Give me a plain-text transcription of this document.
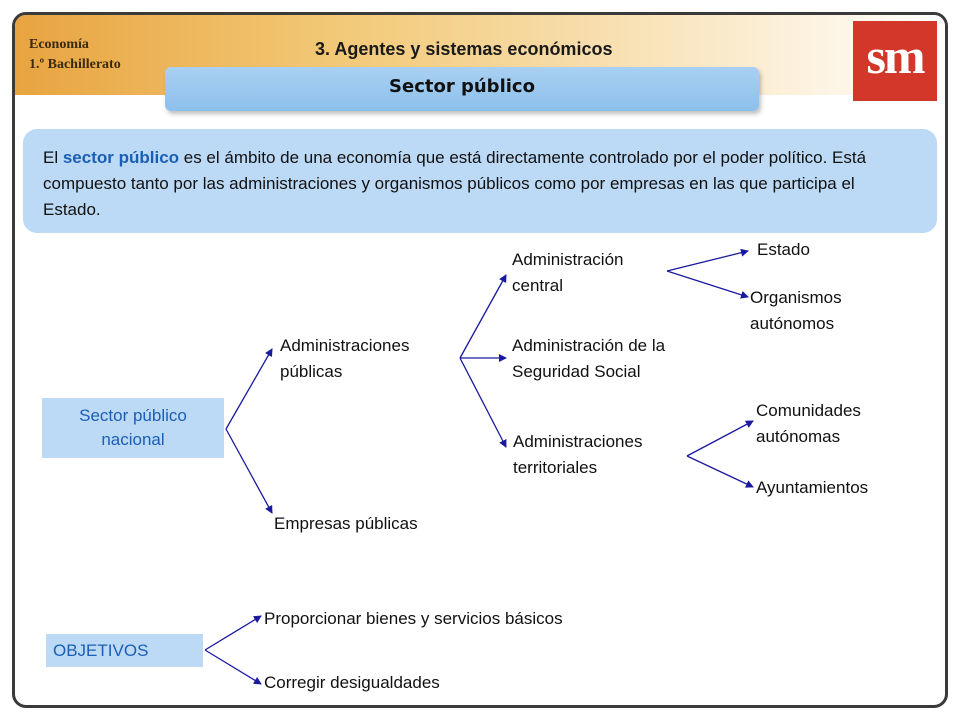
Economía
1.º Bachillerato
3. Agentes y sistemas económicos
Sector público
sm
El sector público es el ámbito de una economía que está directamente controlado por el poder político. Está compuesto tanto por las administraciones y organismos públicos como por empresas en las que participa el Estado.
Sector público
nacional
Administraciones
públicas
Empresas públicas
Administración
central
Administración de la
Seguridad Social
Administraciones
territoriales
Estado
Organismos
autónomos
Comunidades
autónomas
Ayuntamientos
OBJETIVOS
Proporcionar bienes y servicios básicos
Corregir desigualdades
